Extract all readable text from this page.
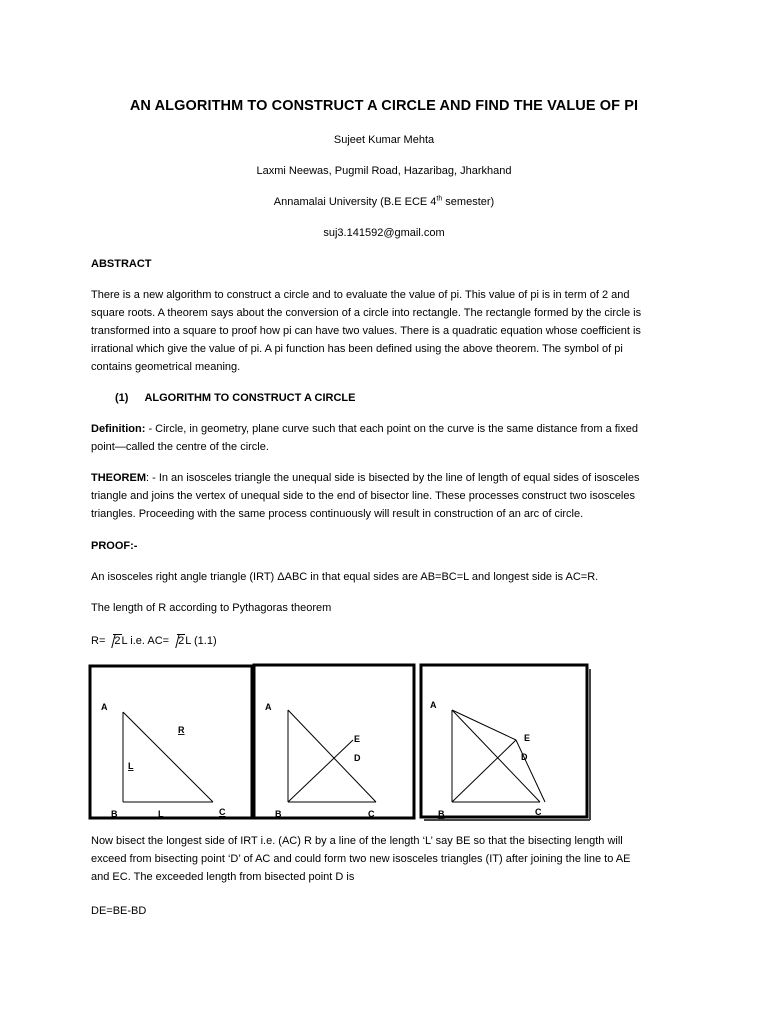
AN ALGORITHM TO CONSTRUCT A CIRCLE AND FIND THE VALUE OF PI
Sujeet Kumar Mehta
Laxmi Neewas, Pugmil Road, Hazaribag, Jharkhand
Annamalai University (B.E ECE 4th semester)
suj3.141592@gmail.com
ABSTRACT
There is a new algorithm to construct a circle and to evaluate the value of pi. This value of pi is in term of 2 and
square roots. A theorem says about the conversion of a circle into rectangle. The rectangle formed by the circle is
transformed into a square to proof how pi can have two values. There is a quadratic equation whose coefficient is
irrational which give the value of pi. A pi function has been defined using the above theorem. The symbol of pi
contains geometrical meaning.
(1) ALGORITHM TO CONSTRUCT A CIRCLE
Definition: - Circle, in geometry, plane curve such that each point on the curve is the same distance from a fixed
point—called the centre of the circle.
THEOREM: - In an isosceles triangle the unequal side is bisected by the line of length of equal sides of isosceles
triangle and joins the vertex of unequal side to the end of bisector line. These processes construct two isosceles
triangles. Proceeding with the same process continuously will result in construction of an arc of circle.
PROOF:-
An isosceles right angle triangle (IRT) ΔABC in that equal sides are AB=BC=L and longest side is AC=R.
The length of R according to Pythagoras theorem
R= 2L i.e. AC= 2L (1.1)
A
R
L
B	L	C
A
E
D
B	C
A
E
D
B	C
Now bisect the longest side of IRT i.e. (AC) R by a line of the length ‘L’ say BE so that the bisecting length will
exceed from bisecting point ‘D’ of AC and could form two new isosceles triangles (IT) after joining the line to AE
and EC. The exceeded length from bisected point D is
DE=BE-BD
